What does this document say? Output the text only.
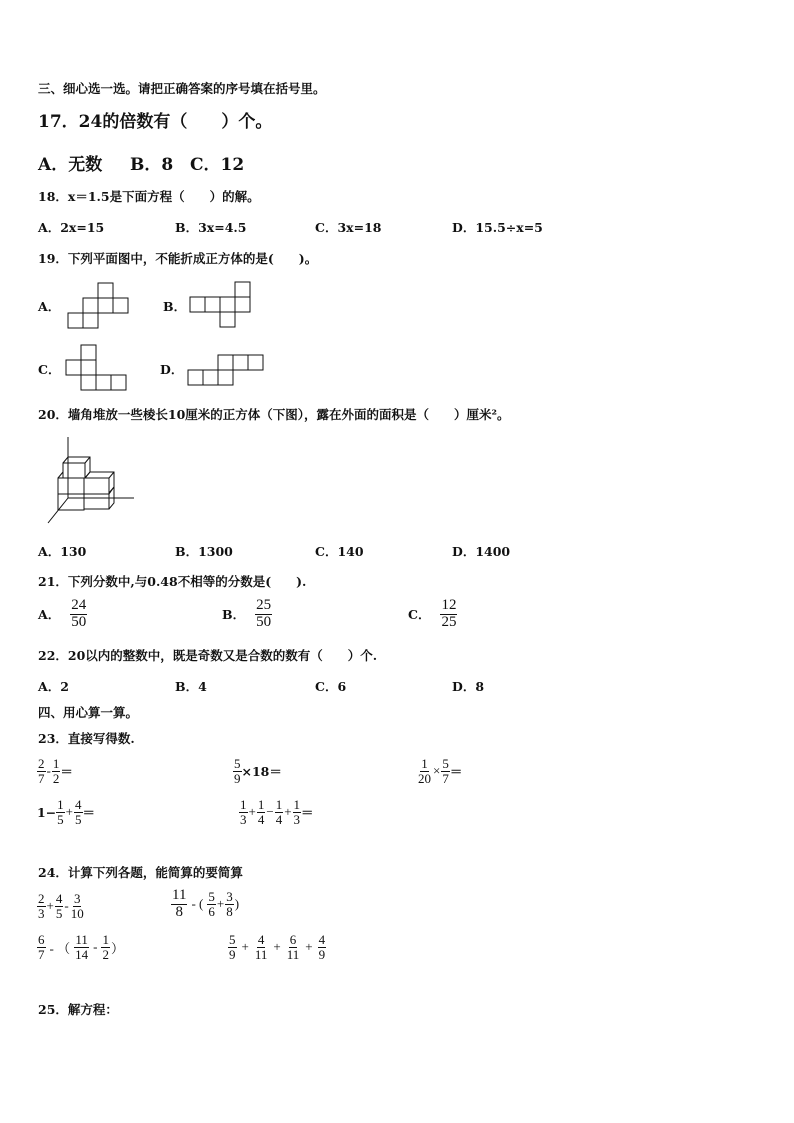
三、细心选一选。请把正确答案的序号填在括号里。
17．24的倍数有（　　）个。
A．无数 B．8 C．12
18．x＝1.5是下面方程（　　）的解。
A．2x=15	B．3x=4.5	C．3x=18	D．15.5÷x=5
19．下列平面图中，不能折成正方体的是(　　)。
A．	B．
C．	D．
20．墙角堆放一些棱长10厘米的正方体（下图），露在外面的面积是（　　）厘米²。
A．130	B．1300	C．140	D．1400
21．下列分数中,与0.48不相等的分数是(　　).
A． $\frac{24}{50}$	B． $\frac{25}{50}$	C． $\frac{12}{25}$
22．20以内的整数中，既是奇数又是合数的数有（　　）个.
A．2	B．4	C．6	D．8
四、用心算一算。
23．直接写得数.
$\frac{2}{7} - \frac{1}{2}$ ＝	$\frac{5}{9} \times 18$ ＝	$\frac{1}{20} \times \frac{5}{7}$ ＝
$1- \frac{1}{5} + \frac{4}{5}$ ＝	$\frac{1}{3} + \frac{1}{4} - \frac{1}{4} + \frac{1}{3}$ ＝
24．计算下列各题，能简算的要简算
$\frac{2}{3} + \frac{4}{5} - \frac{3}{10}$	$\frac{11}{8}$ - ( $\frac{5}{6} + \frac{3}{8}$ )
$\frac{6}{7}$ - （ $\frac{11}{14} - \frac{1}{2}$ ）	$\frac{5}{9} + \frac{4}{11} + \frac{6}{11} + \frac{4}{9}$
25．解方程：
